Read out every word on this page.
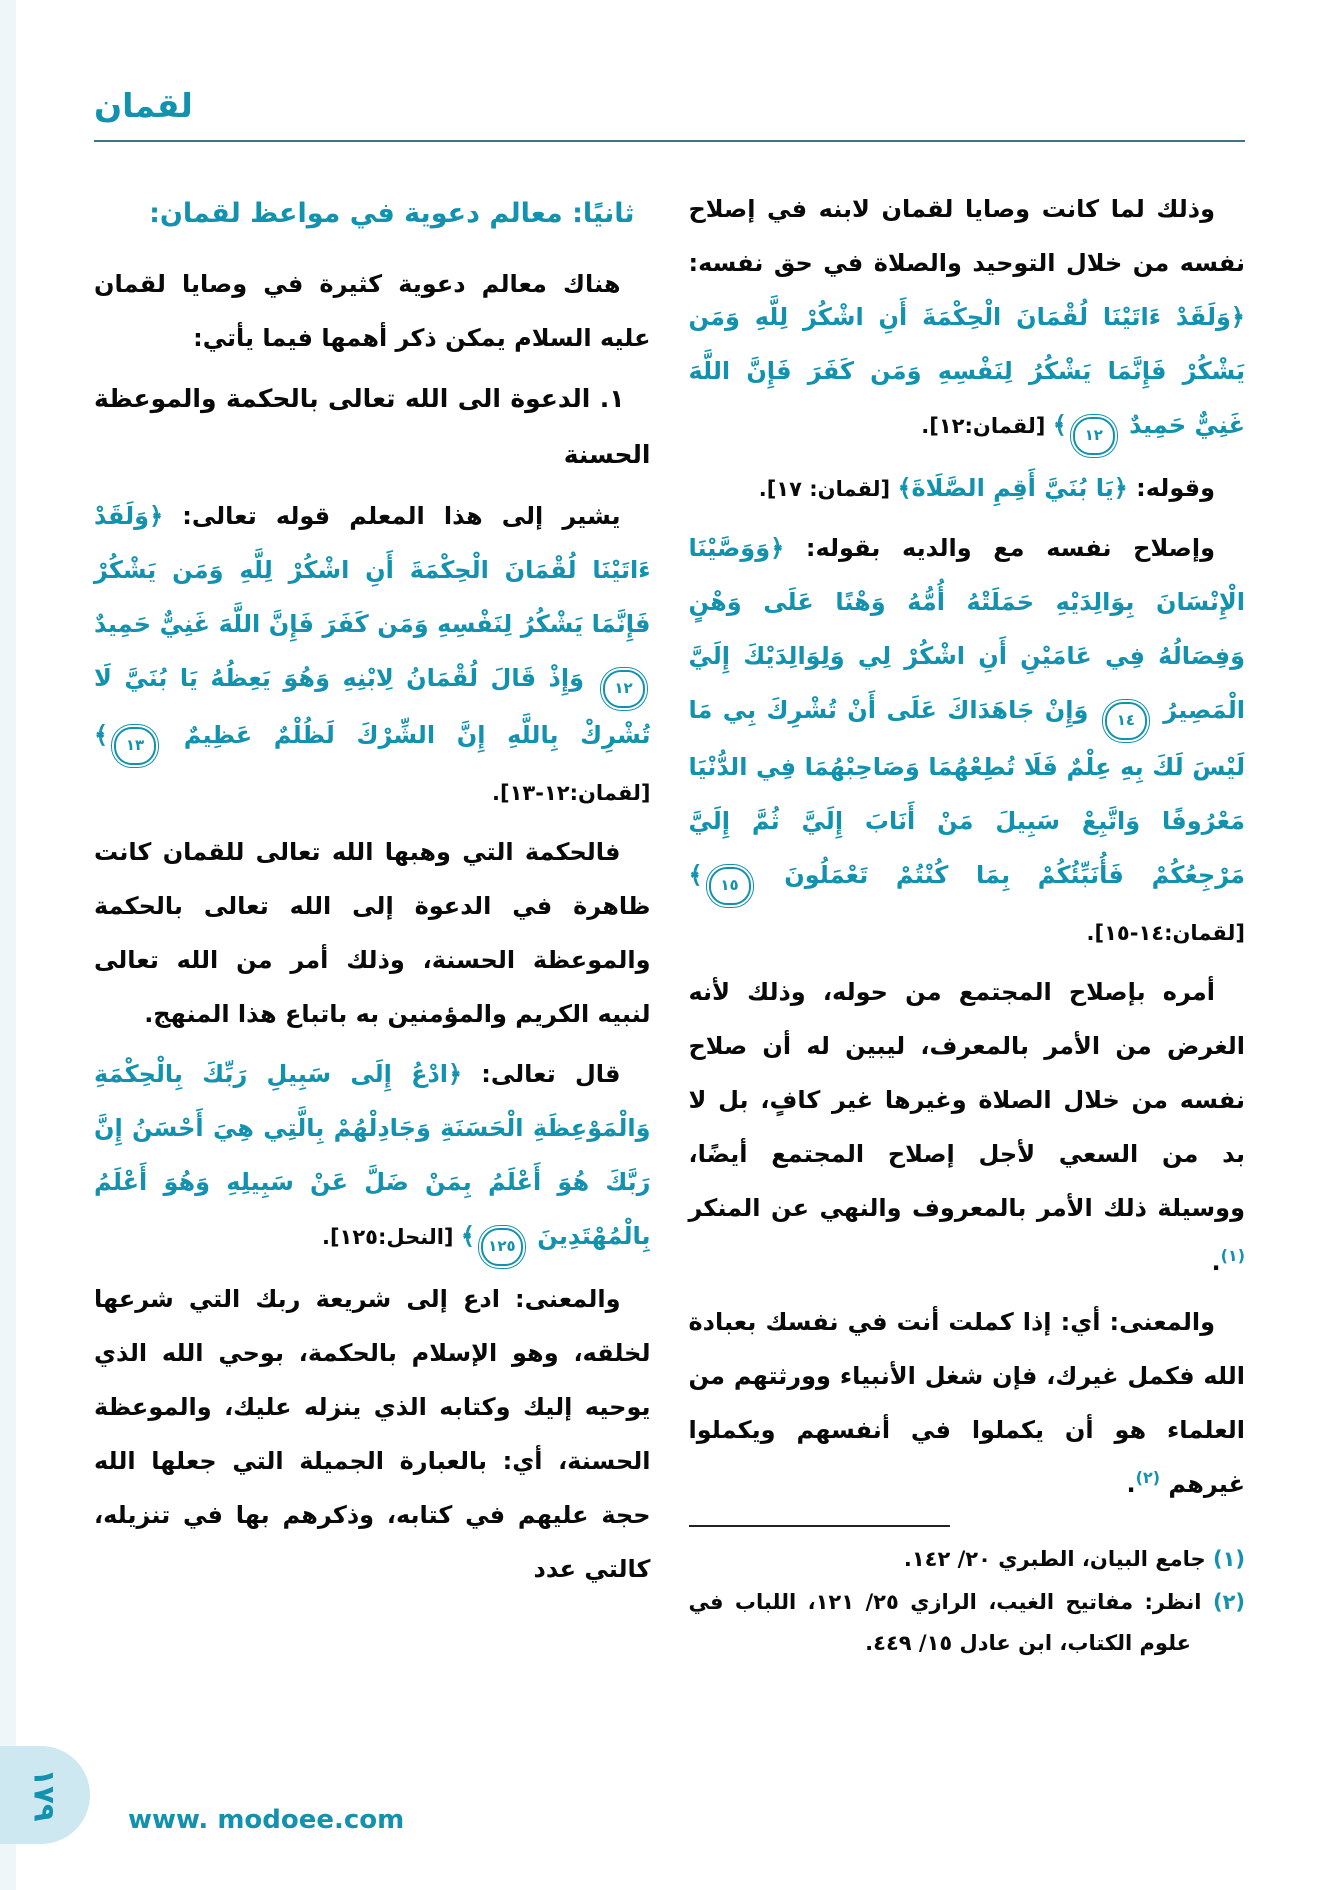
لقمان

وذلك لما كانت وصايا لقمان لابنه في إصلاح نفسه من خلال التوحيد والصلاة في حق نفسه: ﴿وَلَقَدْ ءَاتَيْنَا لُقْمَانَ الْحِكْمَةَ أَنِ اشْكُرْ لِلَّهِ وَمَن يَشْكُرْ فَإِنَّمَا يَشْكُرُ لِنَفْسِهِ وَمَن كَفَرَ فَإِنَّ اللَّهَ غَنِيٌّ حَمِيدٌ ١٢﴾ [لقمان:١٢].

وقوله: ﴿يَا بُنَيَّ أَقِمِ الصَّلَاةَ﴾ [لقمان: ١٧].

وإصلاح نفسه مع والديه بقوله: ﴿وَوَصَّيْنَا الْإِنْسَانَ بِوَالِدَيْهِ حَمَلَتْهُ أُمُّهُ وَهْنًا عَلَى وَهْنٍ وَفِصَالُهُ فِي عَامَيْنِ أَنِ اشْكُرْ لِي وَلِوَالِدَيْكَ إِلَيَّ الْمَصِيرُ ١٤ وَإِنْ جَاهَدَاكَ عَلَى أَنْ تُشْرِكَ بِي مَا لَيْسَ لَكَ بِهِ عِلْمٌ فَلَا تُطِعْهُمَا وَصَاحِبْهُمَا فِي الدُّنْيَا مَعْرُوفًا وَاتَّبِعْ سَبِيلَ مَنْ أَنَابَ إِلَيَّ ثُمَّ إِلَيَّ مَرْجِعُكُمْ فَأُنَبِّئُكُمْ بِمَا كُنْتُمْ تَعْمَلُونَ ١٥﴾ [لقمان:١٤-١٥].

أمره بإصلاح المجتمع من حوله، وذلك لأنه الغرض من الأمر بالمعرف، ليبين له أن صلاح نفسه من خلال الصلاة وغيرها غير كافٍ، بل لا بد من السعي لأجل إصلاح المجتمع أيضًا، ووسيلة ذلك الأمر بالمعروف والنهي عن المنكر $^{(١)}$.

والمعنى: أي: إذا كملت أنت في نفسك بعبادة الله فكمل غيرك، فإن شغل الأنبياء وورثتهم من العلماء هو أن يكملوا في أنفسهم ويكملوا غيرهم $^{(٢)}$.

(١) جامع البيان، الطبري ٢٠/ ١٤٢.

(٢) انظر: مفاتيح الغيب، الرازي ٢٥/ ١٢١، اللباب في علوم الكتاب، ابن عادل ١٥/ ٤٤٩.

ثانيًا: معالم دعوية في مواعظ لقمان:

هناك معالم دعوية كثيرة في وصايا لقمان عليه السلام يمكن ذكر أهمها فيما يأتي:

١. الدعوة الى الله تعالى بالحكمة والموعظة الحسنة

يشير إلى هذا المعلم قوله تعالى: ﴿وَلَقَدْ ءَاتَيْنَا لُقْمَانَ الْحِكْمَةَ أَنِ اشْكُرْ لِلَّهِ وَمَن يَشْكُرْ فَإِنَّمَا يَشْكُرُ لِنَفْسِهِ وَمَن كَفَرَ فَإِنَّ اللَّهَ غَنِيٌّ حَمِيدٌ ١٢ وَإِذْ قَالَ لُقْمَانُ لِابْنِهِ وَهُوَ يَعِظُهُ يَا بُنَيَّ لَا تُشْرِكْ بِاللَّهِ إِنَّ الشِّرْكَ لَظُلْمٌ عَظِيمٌ ١٣﴾ [لقمان:١٢-١٣].

فالحكمة التي وهبها الله تعالى للقمان كانت ظاهرة في الدعوة إلى الله تعالى بالحكمة والموعظة الحسنة، وذلك أمر من الله تعالى لنبيه الكريم والمؤمنين به باتباع هذا المنهج.

قال تعالى: ﴿ادْعُ إِلَى سَبِيلِ رَبِّكَ بِالْحِكْمَةِ وَالْمَوْعِظَةِ الْحَسَنَةِ وَجَادِلْهُمْ بِالَّتِي هِيَ أَحْسَنُ إِنَّ رَبَّكَ هُوَ أَعْلَمُ بِمَنْ ضَلَّ عَنْ سَبِيلِهِ وَهُوَ أَعْلَمُ بِالْمُهْتَدِينَ ١٢٥﴾ [النحل:١٢٥].

والمعنى: ادع إلى شريعة ربك التي شرعها لخلقه، وهو الإسلام بالحكمة، بوحي الله الذي يوحيه إليك وكتابه الذي ينزله عليك، والموعظة الحسنة، أي: بالعبارة الجميلة التي جعلها الله حجة عليهم في كتابه، وذكرهم بها في تنزيله، كالتي عدد

www. modoee.com
١٧٩
